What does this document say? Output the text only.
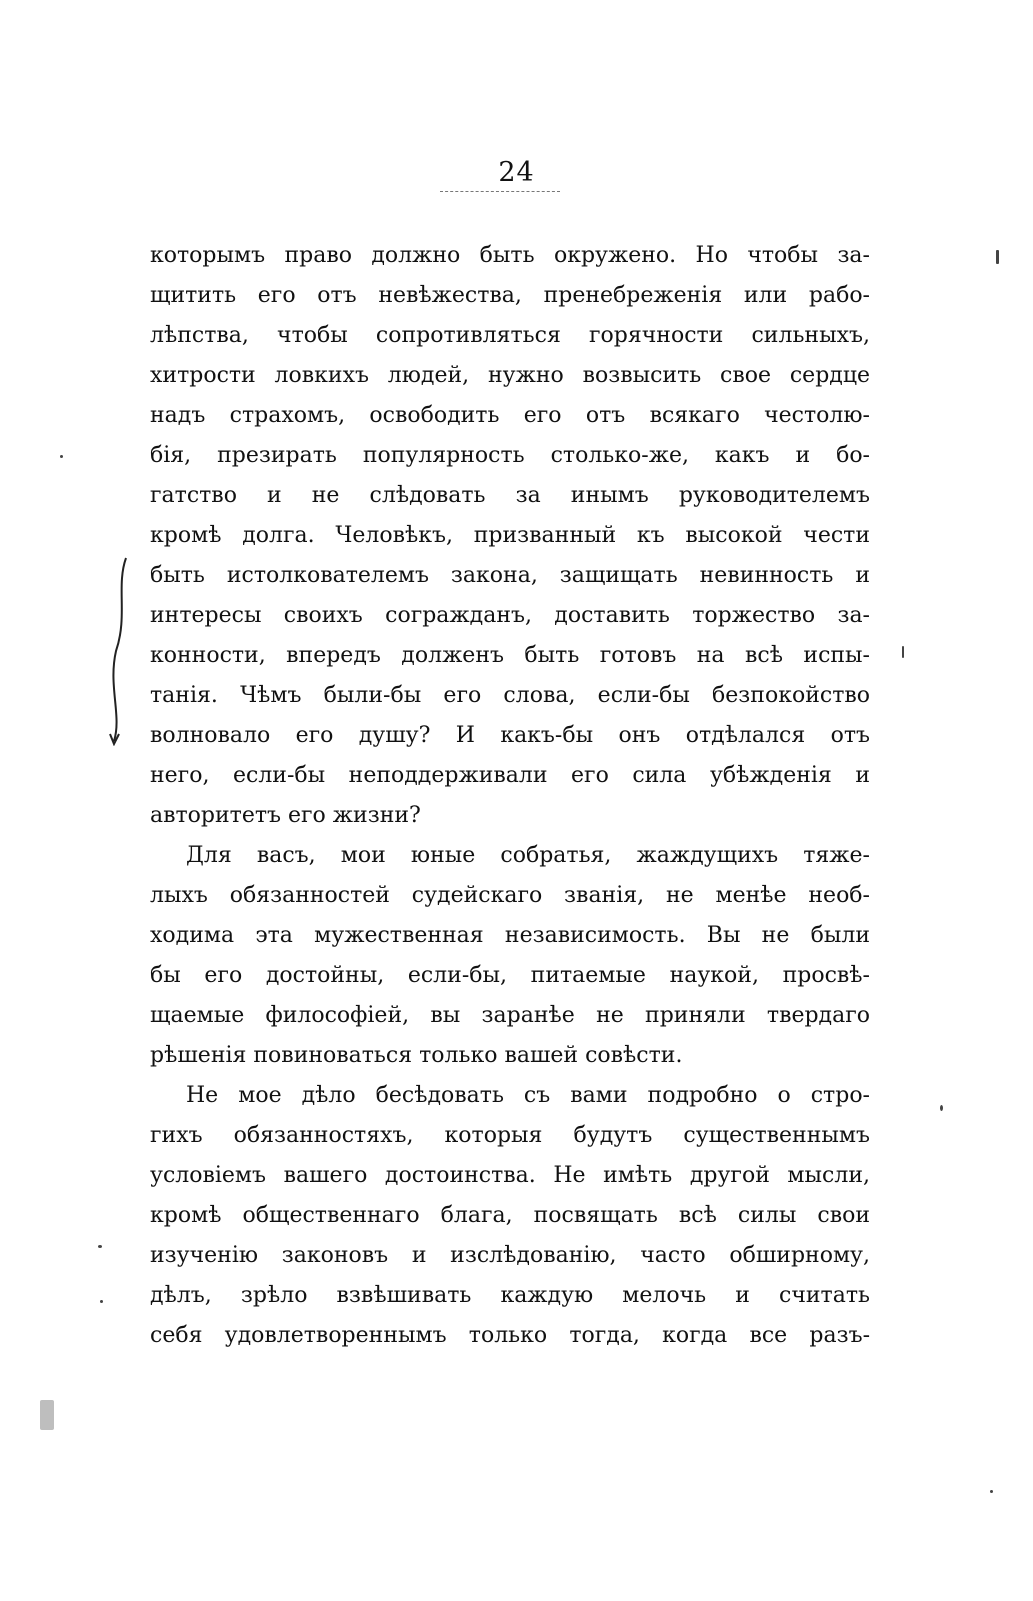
24
которымъ право должно быть окружено. Но чтобы за-
щитить его отъ невѣжества, пренебреженія или рабо-
лѣпства, чтобы сопротивляться горячности сильныхъ,
хитрости ловкихъ людей, нужно возвысить свое сердце
надъ страхомъ, освободить его отъ всякаго честолю-
бія, презирать популярность столько-же, какъ и бо-
гатство и не слѣдовать за инымъ руководителемъ
кромѣ долга. Человѣкъ, призванный къ высокой чести
быть истолкователемъ закона, защищать невинность и
интересы своихъ согражданъ, доставить торжество за-
конности, впередъ долженъ быть готовъ на всѣ испы-
танія. Чѣмъ были-бы его слова, если-бы безпокойство
волновало его душу? И какъ-бы онъ отдѣлался отъ
него, если-бы неподдерживали его сила убѣжденія и
авторитетъ его жизни?
Для васъ, мои юные собратья, жаждущихъ тяже-
лыхъ обязанностей судейскаго званія, не менѣе необ-
ходима эта мужественная независимость. Вы не были
бы его достойны, если-бы, питаемые наукой, просвѣ-
щаемые философіей, вы заранѣе не приняли твердаго
рѣшенія повиноваться только вашей совѣсти.
Не мое дѣло бесѣдовать съ вами подробно о стро-
гихъ обязанностяхъ, которыя будутъ существеннымъ
условіемъ вашего достоинства. Не имѣть другой мысли,
кромѣ общественнаго блага, посвящать всѣ силы свои
изученію законовъ и изслѣдованію, часто обширному,
дѣлъ, зрѣло взвѣшивать каждую мелочь и считать
себя удовлетвореннымъ только тогда, когда все разъ-
